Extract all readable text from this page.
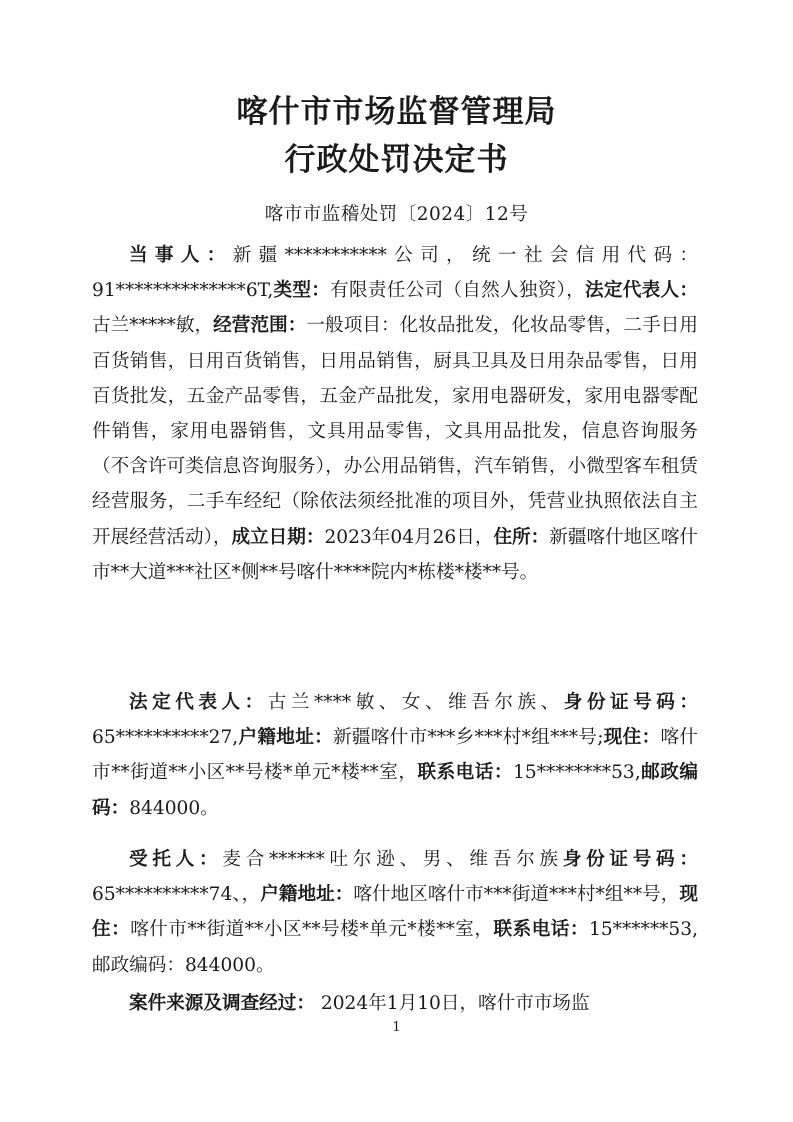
喀什市市场监督管理局
行政处罚决定书
喀市市监稽处罚〔2024〕12号
当事人：新疆***********公司，统一社会信用代码：91**************6T,类型：有限责任公司（自然人独资），法定代表人：古兰*****敏，经营范围：一般项目：化妆品批发，化妆品零售，二手日用百货销售，日用百货销售，日用品销售，厨具卫具及日用杂品零售，日用百货批发，五金产品零售，五金产品批发，家用电器研发，家用电器零配件销售，家用电器销售，文具用品零售，文具用品批发，信息咨询服务（不含许可类信息咨询服务），办公用品销售，汽车销售，小微型客车租赁经营服务，二手车经纪（除依法须经批准的项目外，凭营业执照依法自主开展经营活动），成立日期：2023年04月26日，住所：新疆喀什地区喀什市**大道***社区*侧**号喀什****院内*栋楼*楼**号。
法定代表人：古兰****敏、女、维吾尔族、身份证号码：65**********27,户籍地址：新疆喀什市***乡***村*组***号;现住：喀什市**街道**小区**号楼*单元*楼**室，联系电话：15********53,邮政编码：844000。
受托人：麦合******吐尔逊、男、维吾尔族身份证号码：65**********74、，户籍地址：喀什地区喀什市***街道***村*组**号，现住：喀什市**街道**小区**号楼*单元*楼**室，联系电话：15******53,邮政编码：844000。
案件来源及调查经过： 2024年1月10日，喀什市市场监
1
